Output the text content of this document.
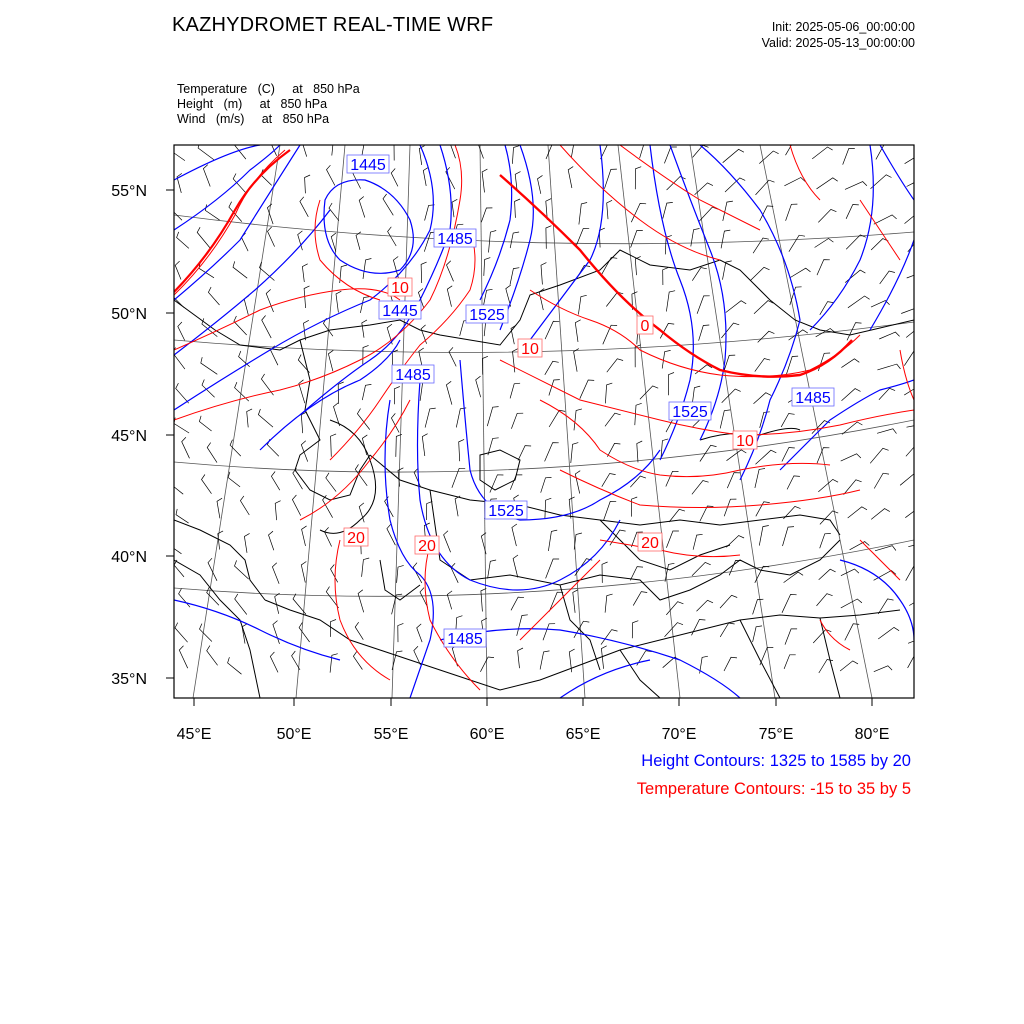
KAZHYDROMET REAL-TIME WRF	Init: 2025-05-06_00:00:00
Valid: 2025-05-13_00:00:00
Temperature   (C)     at   850 hPa
Height   (m)     at   850 hPa
Wind   (m/s)     at   850 hPa
1445
1485
1445	1525
1485
1525
1485
1525
1485
10
0
10
10
20	20	20
55°N
50°N
45°N
40°N
35°N
45°E	50°E	55°E	60°E	65°E	70°E	75°E	80°E
Height Contours: 1325 to 1585 by 20
Temperature Contours: -15 to 35 by 5
